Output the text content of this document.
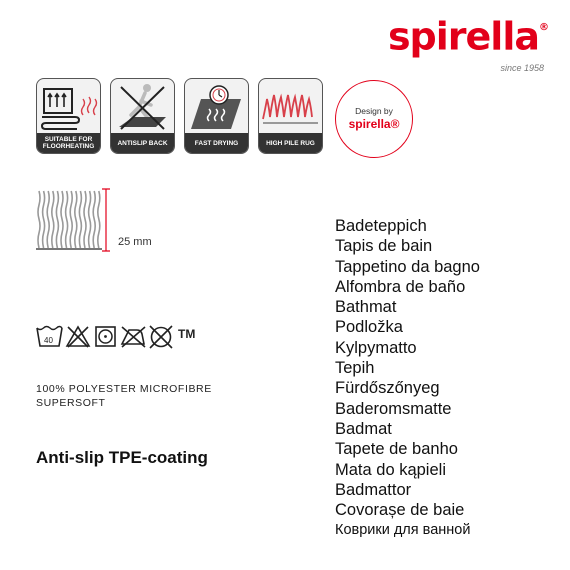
spirella®
since 1958
SUITABLE FOR FLOORHEATING	ANTISLIP BACK	FAST DRYING	HIGH PILE RUG
Design by
spirella®
25 mm
40	TM
100% POLYESTER MICROFIBRE
SUPERSOFT
Anti-slip TPE-coating
Badeteppich
Tapis de bain
Tappetino da bagno
Alfombra de baño
Bathmat
Podložka
Kylpymatto
Tepih
Fürdőszőnyeg
Baderomsmatte
Badmat
Tapete de banho
Mata do kąpieli
Badmattor
Covorașe de baie
Коврики для ванной
